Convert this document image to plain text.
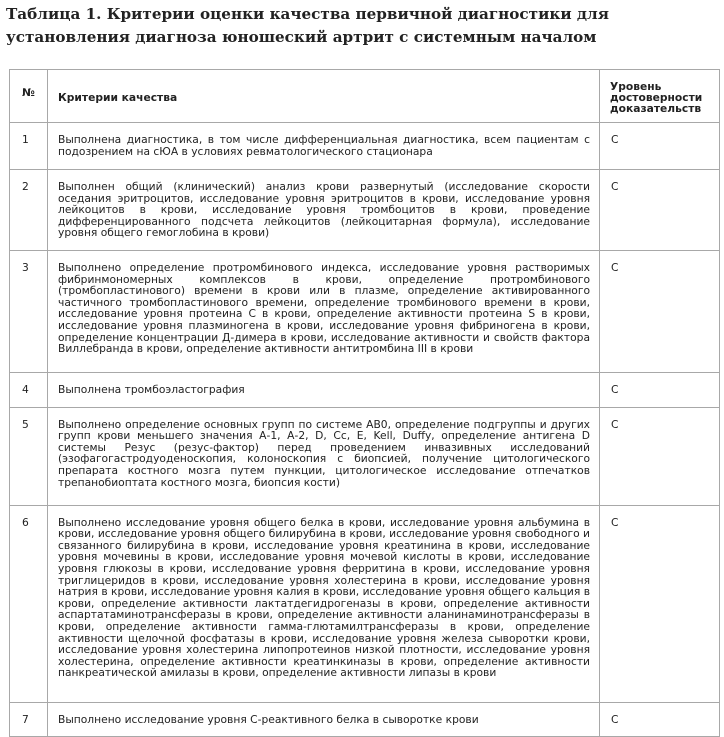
Таблица 1. Критерии оценки качества первичной диагностики для установления диагноза юношеский артрит с системным началом
№	Критерии качества	Уровень достоверности доказательств

1	Выполнена диагностика, в том числе дифференциальная диагностика, всем пациентам с подозрением на сЮА в условиях ревматологического стационара	С

2	Выполнен общий (клинический) анализ крови развернутый (исследование скорости оседания эритроцитов, исследование уровня эритроцитов в крови, исследование уровня лейкоцитов в крови, исследование уровня тромбоцитов в крови, проведение дифференцированного подсчета лейкоцитов (лейкоцитарная формула), исследование уровня общего гемоглобина в крови)	С

3	Выполнено определение протромбинового индекса, исследование уровня растворимых фибринмономерных комплексов в крови, определение протромбинового (тромбопластинового) времени в крови или в плазме, определение активированного частичного тромбопластинового времени, определение тромбинового времени в крови, исследование уровня протеина С в крови, определение активности протеина S в крови, исследование уровня плазминогена в крови, исследование уровня фибриногена в крови, определение концентрации Д-димера в крови, исследование активности и свойств фактора Виллебранда в крови, определение активности антитромбина III в крови	С

4	Выполнена тромбоэластография	С

5	Выполнено определение основных групп по системе AB0, определение подгруппы и других групп крови меньшего значения А-1, А-2, D, Сс, Е, Kell, Duffy, определение антигена D системы Резус (резус-фактор) перед проведением инвазивных исследований (эзофагогастродуоденоскопия, колоноскопия с биопсией, получение цитологического препарата костного мозга путем пункции, цитологическое исследование отпечатков трепанобиоптата костного мозга, биопсия кости)	С

6	Выполнено исследование уровня общего белка в крови, исследование уровня альбумина в крови, исследование уровня общего билирубина в крови, исследование уровня свободного и связанного билирубина в крови, исследование уровня креатинина в крови, исследование уровня мочевины в крови, исследование уровня мочевой кислоты в крови, исследование уровня глюкозы в крови, исследование уровня ферритина в крови, исследование уровня триглицеридов в крови, исследование уровня холестерина в крови, исследование уровня натрия в крови, исследование уровня калия в крови, исследование уровня общего кальция в крови, определение активности лактатдегидрогеназы в крови, определение активности аспартатаминотрансферазы в крови, определение активности аланинаминотрансферазы в крови, определение активности гамма-глютамилтрансферазы в крови, определение активности щелочной фосфатазы в крови, исследование уровня железа сыворотки крови, исследование уровня холестерина липопротеинов низкой плотности, исследование уровня холестерина, определение активности креатинкиназы в крови, определение активности панкреатической амилазы в крови, определение активности липазы в крови	С

7	Выполнено исследование уровня С-реактивного белка в сыворотке крови	С
